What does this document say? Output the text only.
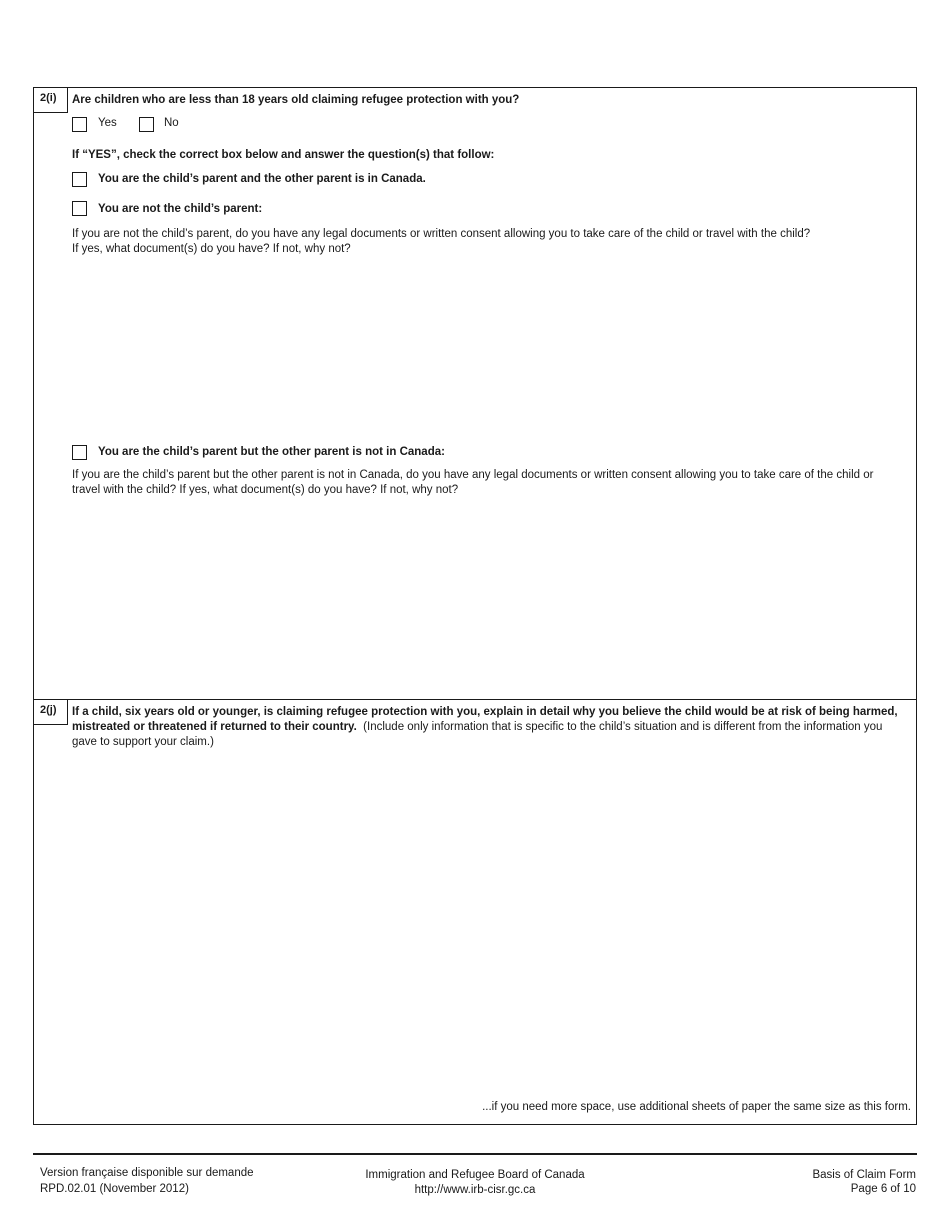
2(i)	Are children who are less than 18 years old claiming refugee protection with you?
Yes	No
If “YES”, check the correct box below and answer the question(s) that follow:
You are the child’s parent and the other parent is in Canada.
You are not the child’s parent:
If you are not the child’s parent, do you have any legal documents or written consent allowing you to take care of the child or travel with the child?
If yes, what document(s) do you have? If not, why not?
You are the child’s parent but the other parent is not in Canada:
If you are the child’s parent but the other parent is not in Canada, do you have any legal documents or written consent allowing you to take care of the child or
travel with the child? If yes, what document(s) do you have? If not, why not?
2(j)	If a child, six years old or younger, is claiming refugee protection with you, explain in detail why you believe the child would be at risk of being harmed,
mistreated or threatened if returned to their country. (Include only information that is specific to the child’s situation and is different from the information you
gave to support your claim.)
...if you need more space, use additional sheets of paper the same size as this form.
Version française disponible sur demande
RPD.02.01 (November 2012)
Immigration and Refugee Board of Canada
http://www.irb-cisr.gc.ca
Basis of Claim Form
Page 6 of 10
